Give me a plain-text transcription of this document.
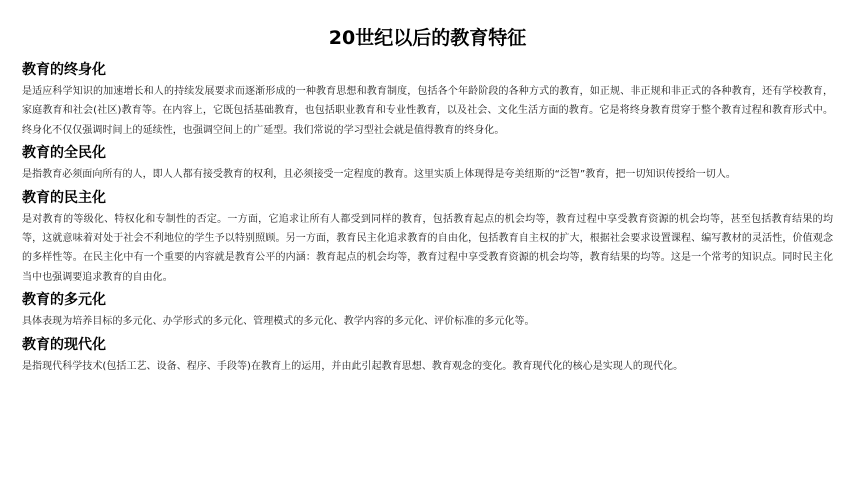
20世纪以后的教育特征
教育的终身化

是适应科学知识的加速增长和人的持续发展要求而逐渐形成的一种教育思想和教育制度，包括各个年龄阶段的各种方式的教育，如正规、非正规和非正式的各种教育，还有学校教育，家庭教育和社会(社区)教育等。在内容上，它既包括基础教育，也包括职业教育和专业性教育，以及社会、文化生活方面的教育。它是将终身教育贯穿于整个教育过程和教育形式中。终身化不仅仅强调时间上的延续性，也强调空间上的广延型。我们常说的学习型社会就是值得教育的终身化。

教育的全民化

是指教育必须面向所有的人，即人人都有接受教育的权利，且必须接受一定程度的教育。这里实质上体现得是夸美纽斯的“泛智”教育，把一切知识传授给一切人。

教育的民主化

是对教育的等级化、特权化和专制性的否定。一方面，它追求让所有人都受到同样的教育，包括教育起点的机会均等，教育过程中享受教育资源的机会均等，甚至包括教育结果的均等，这就意味着对处于社会不利地位的学生予以特别照顾。另一方面，教育民主化追求教育的自由化，包括教育自主权的扩大，根据社会要求设置课程、编写教材的灵活性，价值观念的多样性等。在民主化中有一个重要的内容就是教育公平的内涵：教育起点的机会均等，教育过程中享受教育资源的机会均等，教育结果的均等。这是一个常考的知识点。同时民主化当中也强调要追求教育的自由化。

教育的多元化

具体表现为培养目标的多元化、办学形式的多元化、管理模式的多元化、教学内容的多元化、评价标准的多元化等。

教育的现代化

是指现代科学技术(包括工艺、设备、程序、手段等)在教育上的运用，并由此引起教育思想、教育观念的变化。教育现代化的核心是实现人的现代化。
